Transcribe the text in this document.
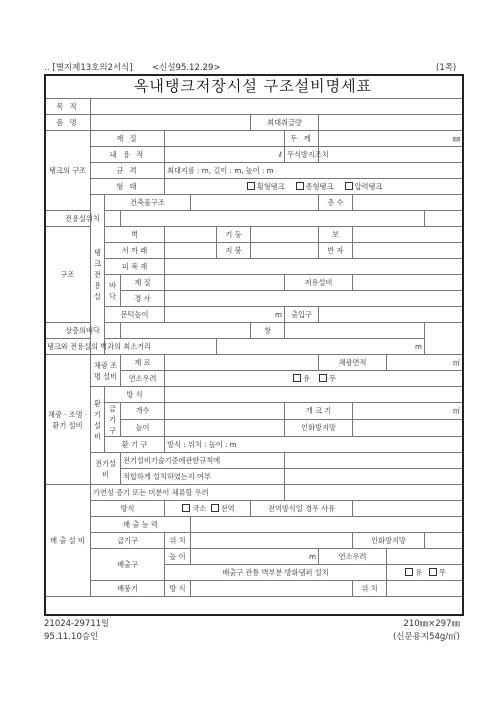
‥ [별지제13호의2서식] <신설95.12.29>	(1쪽)
옥내탱크저장시설 구조설비명세표
목 적												
품 명							최대취급량					
탱크의 구조	재 질							두 께	㎜			
	내 용 적			ℓ				무식방지조치				
	규 격			최대지름 : m, 길이 : m, 높이 : m								
	형 태			횡형탱크 종형탱크 압력탱크								
	탱크 전용실	건축물구조							층 수			
전용실위치												
구조		벽				기 둥			보			
		서 까 래				지 붕			반 자			
		피 복 재										
		바닥	재 질					저유설비				
			경 사									
		문턱높이		m				출입구				
상층의바닥							창					
탱크와 전용실의 벽과의 최소거리						m						
채광 · 조명 · 환기 설비	채광 조명 설비		재 료						채광면적		㎡	
			연소우려	유 무								
	환기설비	방 식										
		급기구	개수					개 크 기		㎡		
			높이					인화방지망				
		환 기 구		방식 : 위치 : 높이 : m								
	전기설비		전기설비기술기준에관한규칙에									
			적합하게 설치하였는지 여부									
배 출 설 비	가연성 증기 또는 미분이 체류할 우려											
	방식			국소 전역			전역방식일 경우 사유					
	배 출 능 력											
	급기구			위 치						인화방지망		
	배출구			높 이	m				연소우려			
				배출구 관통 벽부분 방화댐퍼 설치							유 무	
	배풍기			방 식						위 치		
21024-29711일
95.11.10승인
210㎜×297㎜
(신문용지54g/㎡)
